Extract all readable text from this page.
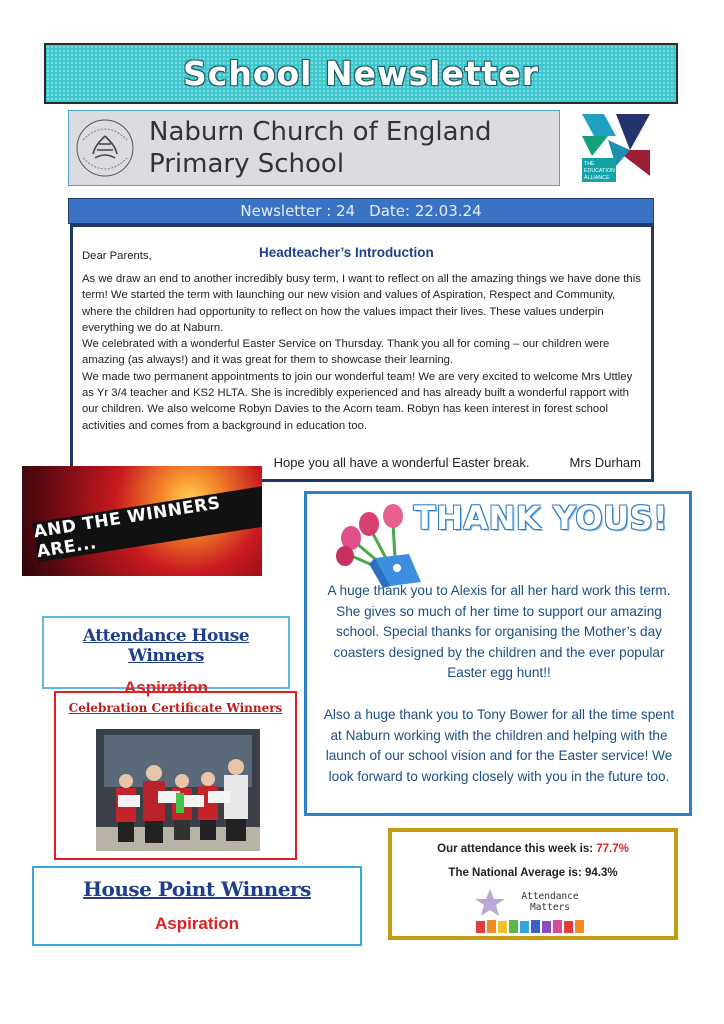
School Newsletter
Naburn Church of England
Primary School	THE
EDUCATION
ALLIANCE
Newsletter : 24 Date: 22.03.24
Dear Parents,	Headteacher’s Introduction

As we draw an end to another incredibly busy term, I want to reflect on all the amazing things we have done this term! We started the term with launching our new vision and values of Aspiration, Respect and Community, where the children had opportunity to reflect on how the values impact their lives. These values underpin everything we do at Naburn.

We celebrated with a wonderful Easter Service on Thursday. Thank you all for coming – our children were amazing (as always!) and it was great for them to showcase their learning.

We made two permanent appointments to join our wonderful team! We are very excited to welcome Mrs Uttley as Yr 3/4 teacher and KS2 HLTA. She is incredibly experienced and has already built a wonderful rapport with our children. We also welcome Robyn Davies to the Acorn team. Robyn has keen interest in forest school activities and comes from a background in education too.

Hope you all have a wonderful Easter break.	Mrs Durham
AND THE WINNERS ARE...
Attendance House Winners
Aspiration
Celebration Certificate Winners
House Point Winners
Aspiration
THANK YOUS!

A huge thank you to Alexis for all her hard work this term. She gives so much of her time to support our amazing school. Special thanks for organising the Mother’s day coasters designed by the children and the ever popular Easter egg hunt!!

Also a huge thank you to Tony Bower for all the time spent at Naburn working with the children and helping with the launch of our school vision and for the Easter service! We look forward to working closely with you in the future too.

Our attendance this week is: 77.7%
The National Average is: 94.3%
Attendance
Matters
